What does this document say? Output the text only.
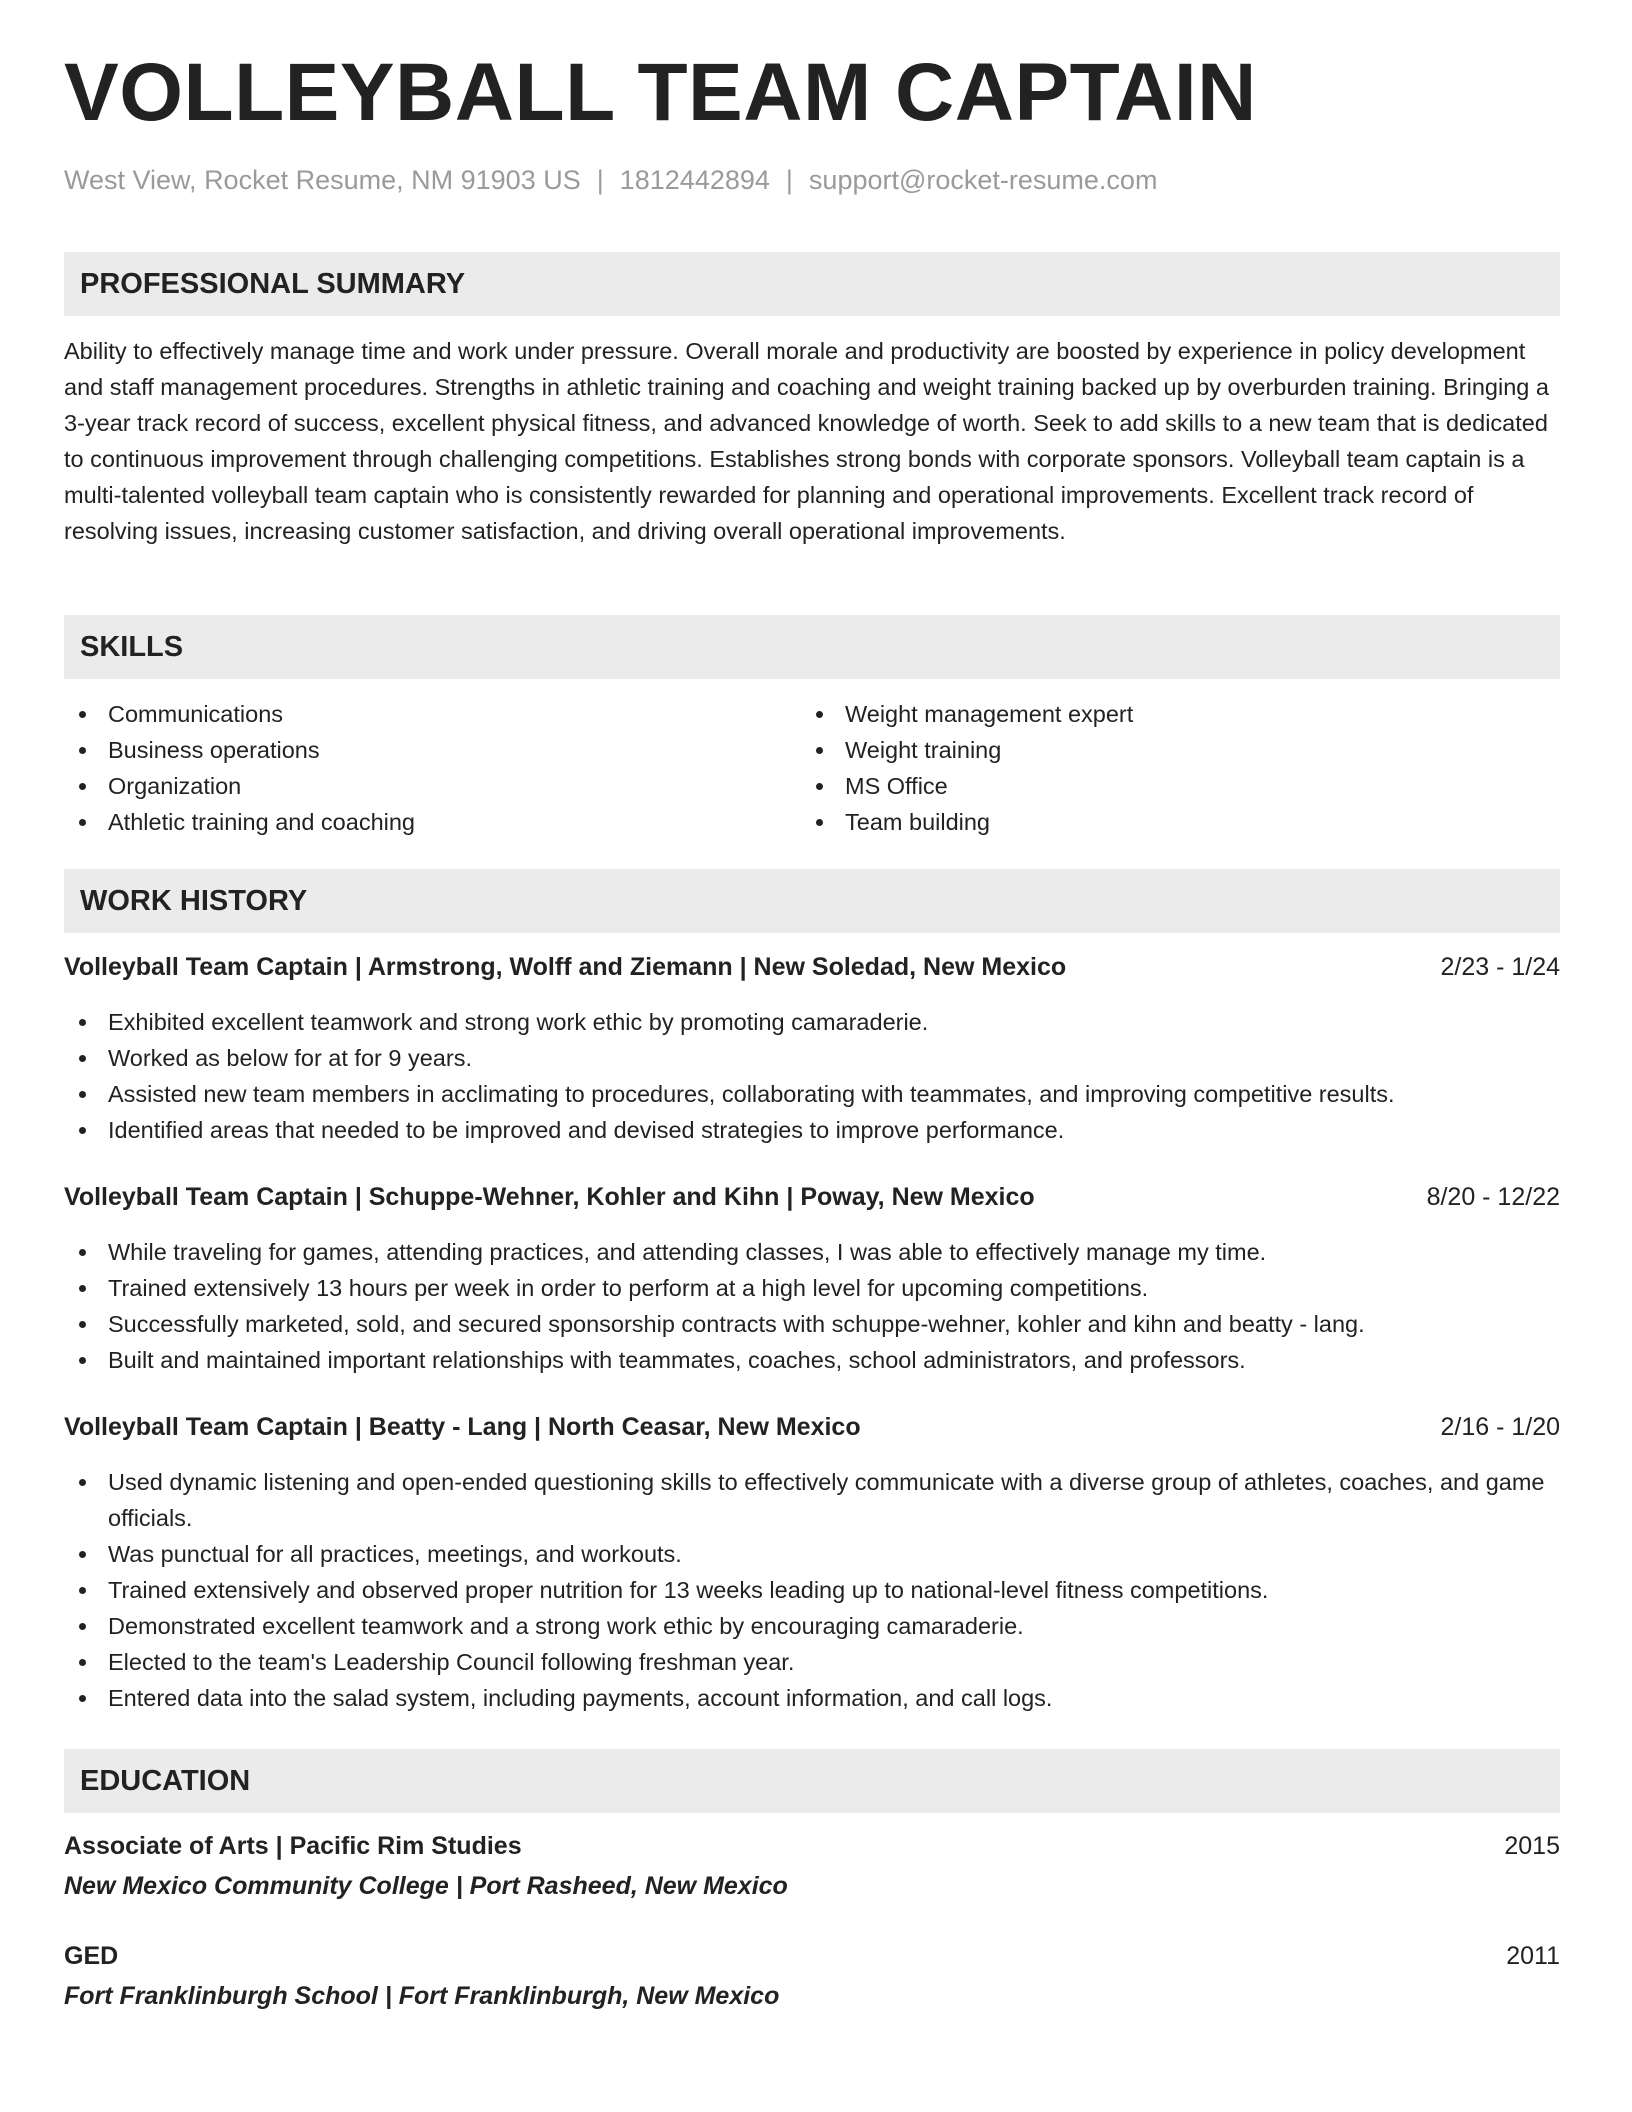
VOLLEYBALL TEAM CAPTAIN
West View, Rocket Resume, NM 91903 US | 1812442894 | support@rocket-resume.com
PROFESSIONAL SUMMARY
Ability to effectively manage time and work under pressure. Overall morale and productivity are boosted by experience in policy development and staff management procedures. Strengths in athletic training and coaching and weight training backed up by overburden training. Bringing a 3-year track record of success, excellent physical fitness, and advanced knowledge of worth. Seek to add skills to a new team that is dedicated to continuous improvement through challenging competitions. Establishes strong bonds with corporate sponsors. Volleyball team captain is a multi-talented volleyball team captain who is consistently rewarded for planning and operational improvements. Excellent track record of resolving issues, increasing customer satisfaction, and driving overall operational improvements.
SKILLS
Communications
Business operations
Organization
Athletic training and coaching
Weight management expert
Weight training
MS Office
Team building
WORK HISTORY
Volleyball Team Captain | Armstrong, Wolff and Ziemann | New Soledad, New Mexico	2/23 - 1/24
Exhibited excellent teamwork and strong work ethic by promoting camaraderie.
Worked as below for at for 9 years.
Assisted new team members in acclimating to procedures, collaborating with teammates, and improving competitive results.
Identified areas that needed to be improved and devised strategies to improve performance.
Volleyball Team Captain | Schuppe-Wehner, Kohler and Kihn | Poway, New Mexico	8/20 - 12/22
While traveling for games, attending practices, and attending classes, I was able to effectively manage my time.
Trained extensively 13 hours per week in order to perform at a high level for upcoming competitions.
Successfully marketed, sold, and secured sponsorship contracts with schuppe-wehner, kohler and kihn and beatty - lang.
Built and maintained important relationships with teammates, coaches, school administrators, and professors.
Volleyball Team Captain | Beatty - Lang | North Ceasar, New Mexico	2/16 - 1/20
Used dynamic listening and open-ended questioning skills to effectively communicate with a diverse group of athletes, coaches, and game officials.
Was punctual for all practices, meetings, and workouts.
Trained extensively and observed proper nutrition for 13 weeks leading up to national-level fitness competitions.
Demonstrated excellent teamwork and a strong work ethic by encouraging camaraderie.
Elected to the team's Leadership Council following freshman year.
Entered data into the salad system, including payments, account information, and call logs.
EDUCATION
Associate of Arts | Pacific Rim Studies	2015
New Mexico Community College | Port Rasheed, New Mexico
GED	2011
Fort Franklinburgh School | Fort Franklinburgh, New Mexico
